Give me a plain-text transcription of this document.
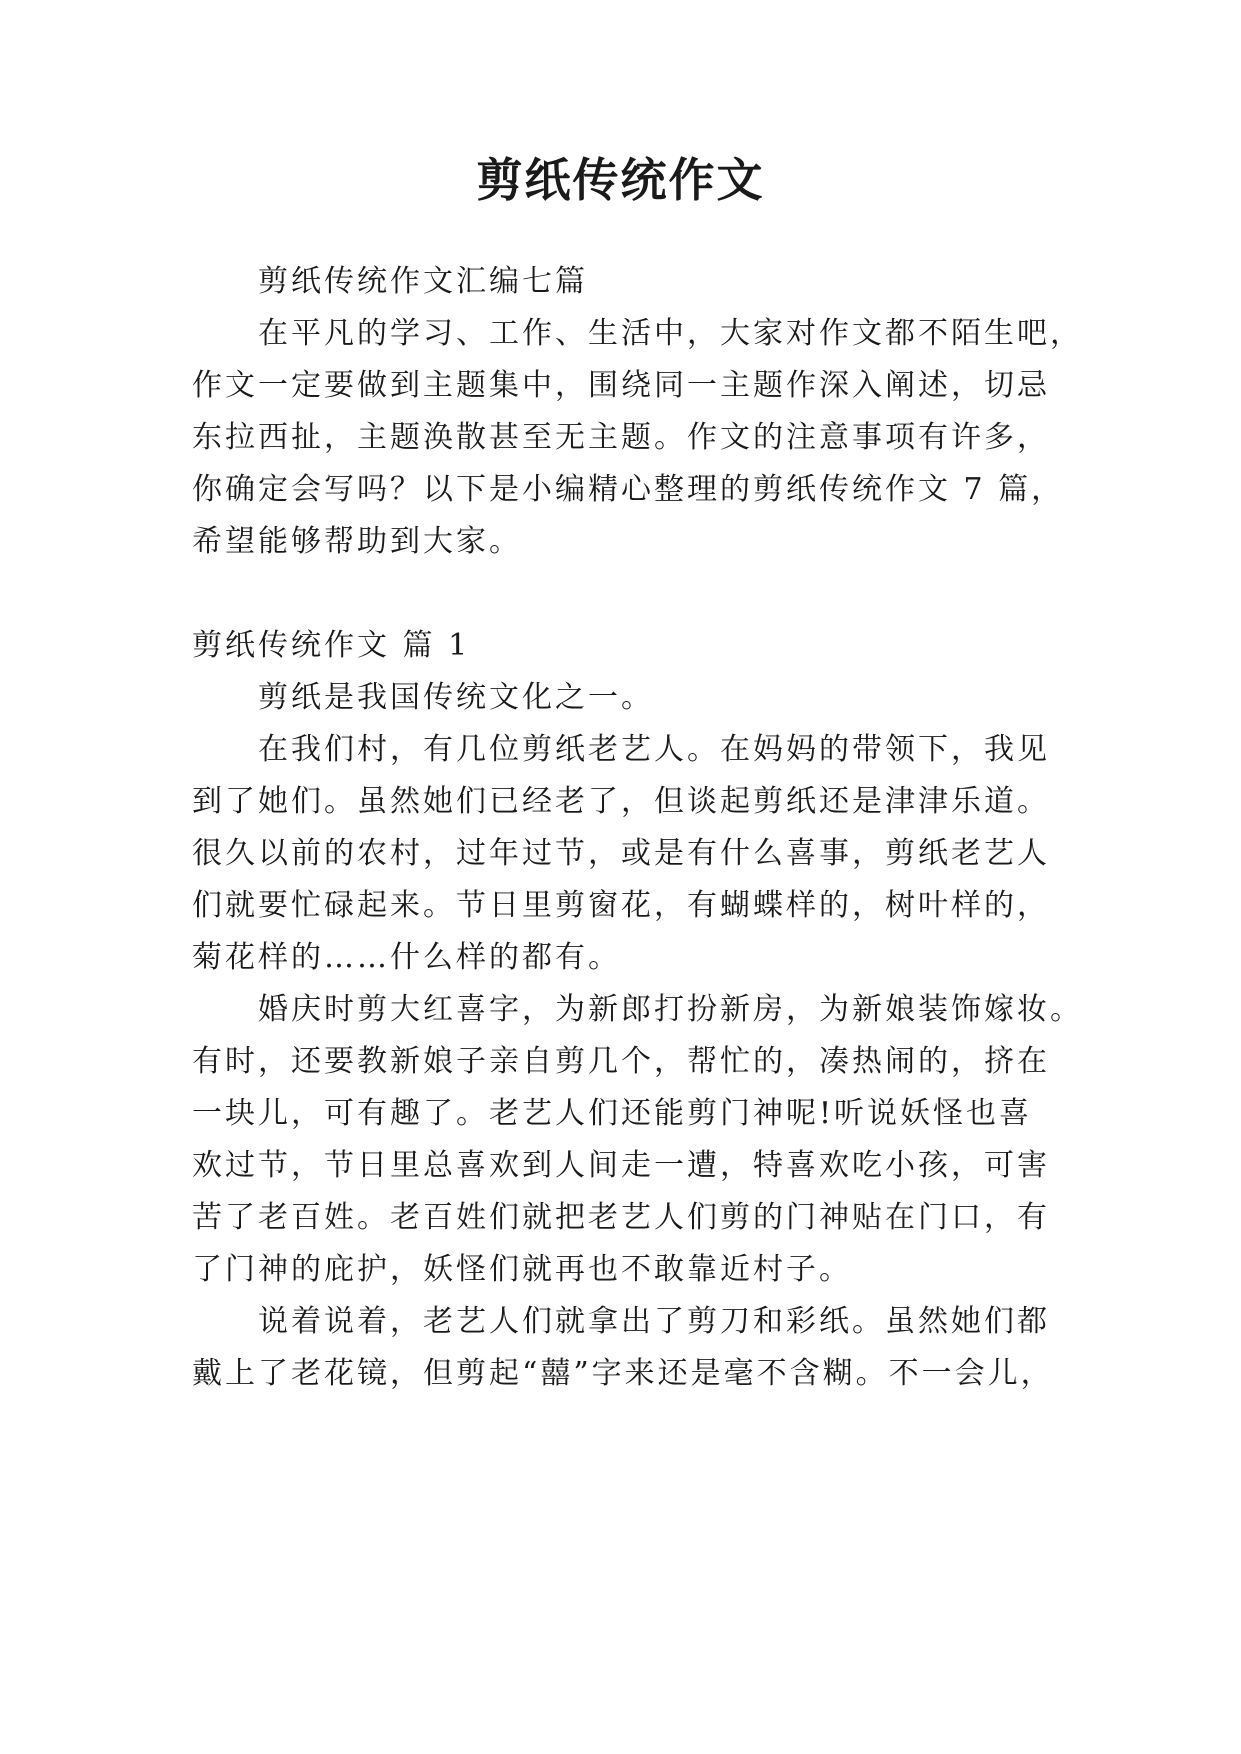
剪纸传统作文
剪纸传统作文汇编七篇
在平凡的学习、工作、生活中，大家对作文都不陌生吧，
作文一定要做到主题集中，围绕同一主题作深入阐述，切忌
东拉西扯，主题涣散甚至无主题。作文的注意事项有许多，
你确定会写吗？以下是小编精心整理的剪纸传统作文 7 篇，
希望能够帮助到大家。
剪纸传统作文 篇 1
剪纸是我国传统文化之一。
在我们村，有几位剪纸老艺人。在妈妈的带领下，我见
到了她们。虽然她们已经老了，但谈起剪纸还是津津乐道。
很久以前的农村，过年过节，或是有什么喜事，剪纸老艺人
们就要忙碌起来。节日里剪窗花，有蝴蝶样的，树叶样的，
菊花样的……什么样的都有。
婚庆时剪大红喜字，为新郎打扮新房，为新娘装饰嫁妆。
有时，还要教新娘子亲自剪几个，帮忙的，凑热闹的，挤在
一块儿，可有趣了。老艺人们还能剪门神呢!听说妖怪也喜
欢过节，节日里总喜欢到人间走一遭，特喜欢吃小孩，可害
苦了老百姓。老百姓们就把老艺人们剪的门神贴在门口，有
了门神的庇护，妖怪们就再也不敢靠近村子。
说着说着，老艺人们就拿出了剪刀和彩纸。虽然她们都
戴上了老花镜，但剪起“囍”字来还是毫不含糊。不一会儿，
